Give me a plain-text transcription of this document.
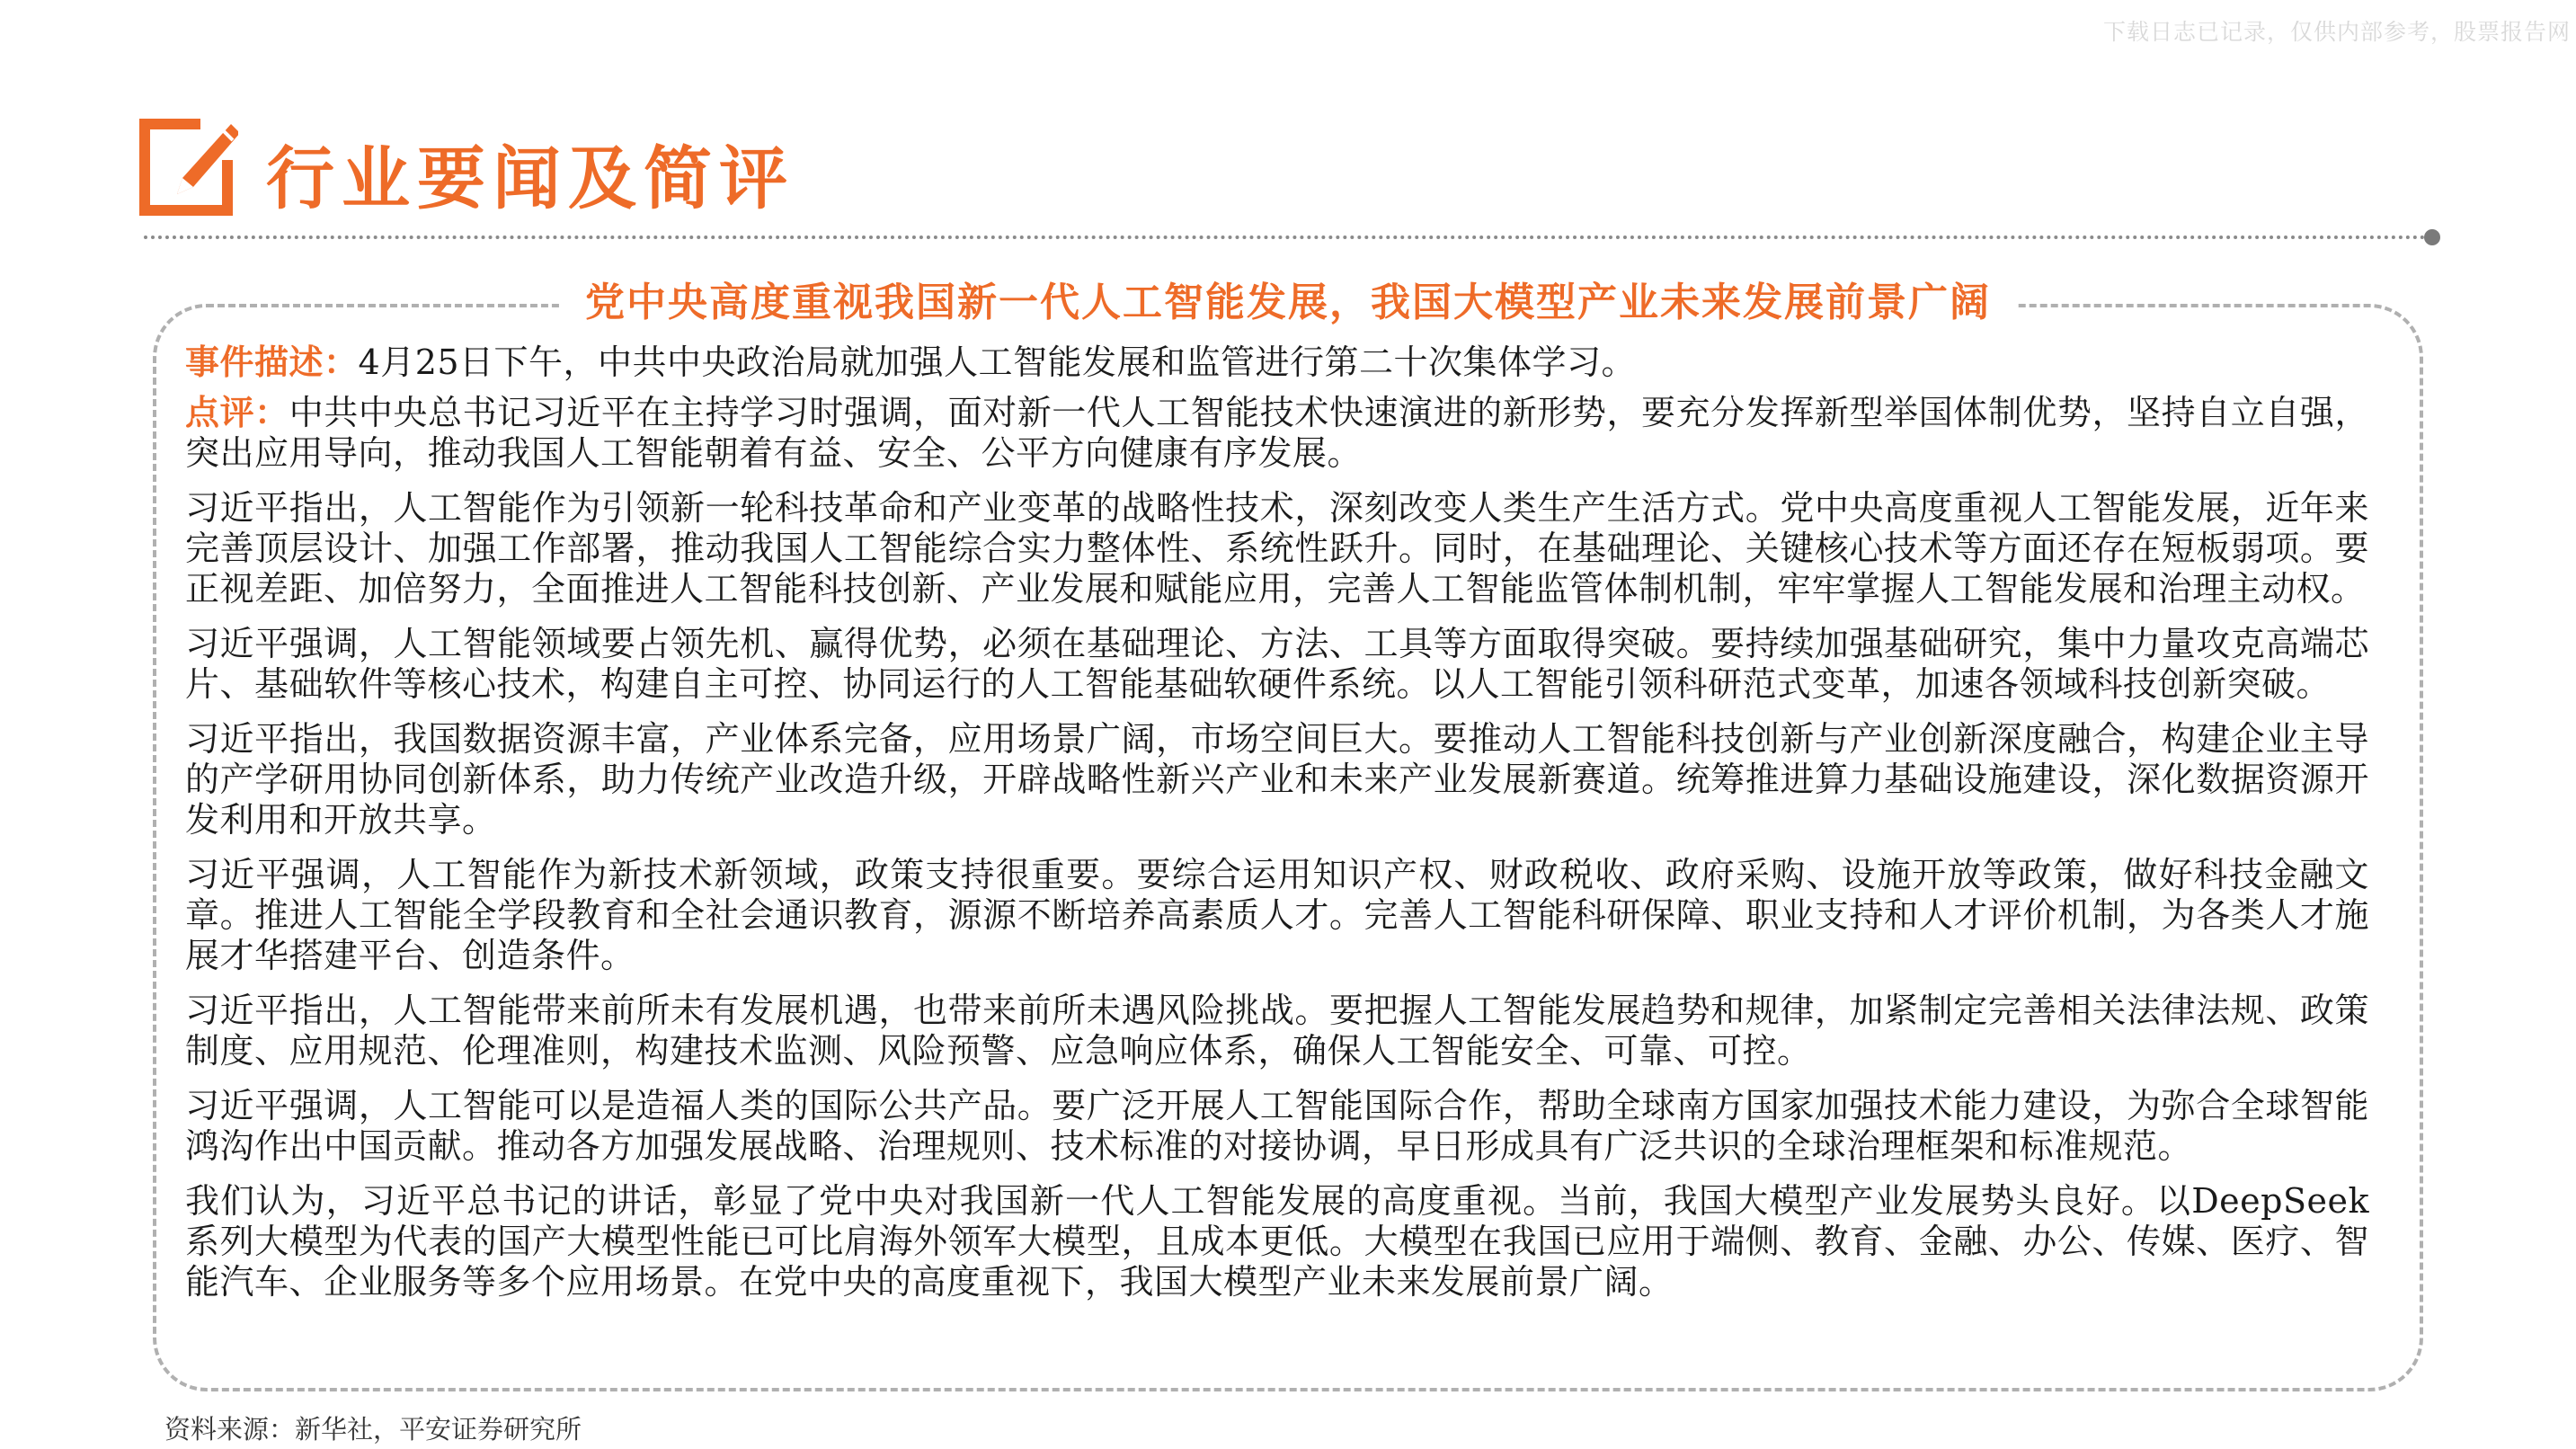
下载日志已记录，仅供内部参考，股票报告网
行业要闻及简评
党中央高度重视我国新一代人工智能发展，我国大模型产业未来发展前景广阔

事件描述：4月25日下午，中共中央政治局就加强人工智能发展和监管进行第二十次集体学习。

点评：中共中央总书记习近平在主持学习时强调，面对新一代人工智能技术快速演进的新形势，要充分发挥新型举国体制优势，坚持自立自强，突出应用导向，推动我国人工智能朝着有益、安全、公平方向健康有序发展。

习近平指出，人工智能作为引领新一轮科技革命和产业变革的战略性技术，深刻改变人类生产生活方式。党中央高度重视人工智能发展，近年来完善顶层设计、加强工作部署，推动我国人工智能综合实力整体性、系统性跃升。同时，在基础理论、关键核心技术等方面还存在短板弱项。要正视差距、加倍努力，全面推进人工智能科技创新、产业发展和赋能应用，完善人工智能监管体制机制，牢牢掌握人工智能发展和治理主动权。

习近平强调，人工智能领域要占领先机、赢得优势，必须在基础理论、方法、工具等方面取得突破。要持续加强基础研究，集中力量攻克高端芯片、基础软件等核心技术，构建自主可控、协同运行的人工智能基础软硬件系统。以人工智能引领科研范式变革，加速各领域科技创新突破。

习近平指出，我国数据资源丰富，产业体系完备，应用场景广阔，市场空间巨大。要推动人工智能科技创新与产业创新深度融合，构建企业主导的产学研用协同创新体系，助力传统产业改造升级，开辟战略性新兴产业和未来产业发展新赛道。统筹推进算力基础设施建设，深化数据资源开发利用和开放共享。

习近平强调，人工智能作为新技术新领域，政策支持很重要。要综合运用知识产权、财政税收、政府采购、设施开放等政策，做好科技金融文章。推进人工智能全学段教育和全社会通识教育，源源不断培养高素质人才。完善人工智能科研保障、职业支持和人才评价机制，为各类人才施展才华搭建平台、创造条件。

习近平指出，人工智能带来前所未有发展机遇，也带来前所未遇风险挑战。要把握人工智能发展趋势和规律，加紧制定完善相关法律法规、政策制度、应用规范、伦理准则，构建技术监测、风险预警、应急响应体系，确保人工智能安全、可靠、可控。

习近平强调，人工智能可以是造福人类的国际公共产品。要广泛开展人工智能国际合作，帮助全球南方国家加强技术能力建设，为弥合全球智能鸿沟作出中国贡献。推动各方加强发展战略、治理规则、技术标准的对接协调，早日形成具有广泛共识的全球治理框架和标准规范。

我们认为，习近平总书记的讲话，彰显了党中央对我国新一代人工智能发展的高度重视。当前，我国大模型产业发展势头良好。以DeepSeek系列大模型为代表的国产大模型性能已可比肩海外领军大模型，且成本更低。大模型在我国已应用于端侧、教育、金融、办公、传媒、医疗、智能汽车、企业服务等多个应用场景。在党中央的高度重视下，我国大模型产业未来发展前景广阔。

资料来源：新华社，平安证券研究所
